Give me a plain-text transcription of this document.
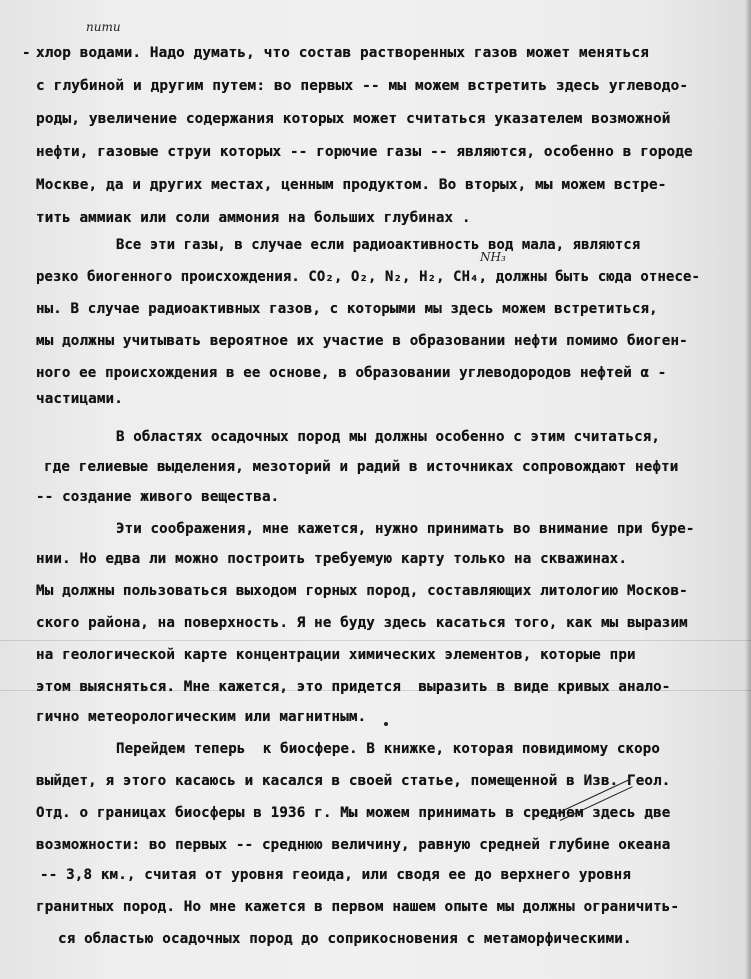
-
пити
NH₃
хлор водами. Надо думать, что состав растворенных газов может меняться
с глубиной и другим путем: во первых -- мы можем встретить здесь углеводо-
роды, увеличение содержания которых может считаться указателем возможной
нефти, газовые струи которых -- горючие газы -- являются, особенно в городе
Москве, да и других местах, ценным продуктом. Во вторых, мы можем встре-
тить аммиак или соли аммония на больших глубинах .
Все эти газы, в случае если радиоактивность вод мала, являются
резко биогенного происхождения. CO₂, O₂, N₂, H₂, CH₄, должны быть сюда отнесе-
ны. В случае радиоактивных газов, с которыми мы здесь можем встретиться,
мы должны учитывать вероятное их участие в образовании нефти помимо биоген-
ного ее происхождения в ее основе, в образовании углеводородов нефтей α -
частицами.
В областях осадочных пород мы должны особенно с этим считаться,
где гелиевые выделения, мезоторий и радий в источниках сопровождают нефти
-- создание живого вещества.
Эти соображения, мне кажется, нужно принимать во внимание при бурe-
нии. Но едва ли можно построить требуемую карту только на скважинах.
Мы должны пользоваться выходом горных пород, составляющих литологию Москов-
ского района, на поверхность. Я не буду здесь касаться того, как мы выразим
на геологической карте концентрации химических элементов, которые при
этом выясняться. Мне кажется, это придется  выразить в виде кривых анало-
гично метеорологическим или магнитным.
Перейдем теперь  к биосфере. В книжке, которая повидимому скоро
выйдет, я этого касаюсь и касался в своей статье, помещенной в Изв. Геол.
Отд. о границах биосферы в 1936 г. Мы можем принимать в среднем здесь две
возможности: во первых -- среднюю величину, равную средней глубине океана
-- 3,8 км., считая от уровня геоида, или сводя ее до верхнего уровня
гранитных пород. Но мне кажется в первом нашем опыте мы должны ограничить-
ся областью осадочных пород до соприкосновения с метаморфическими.
